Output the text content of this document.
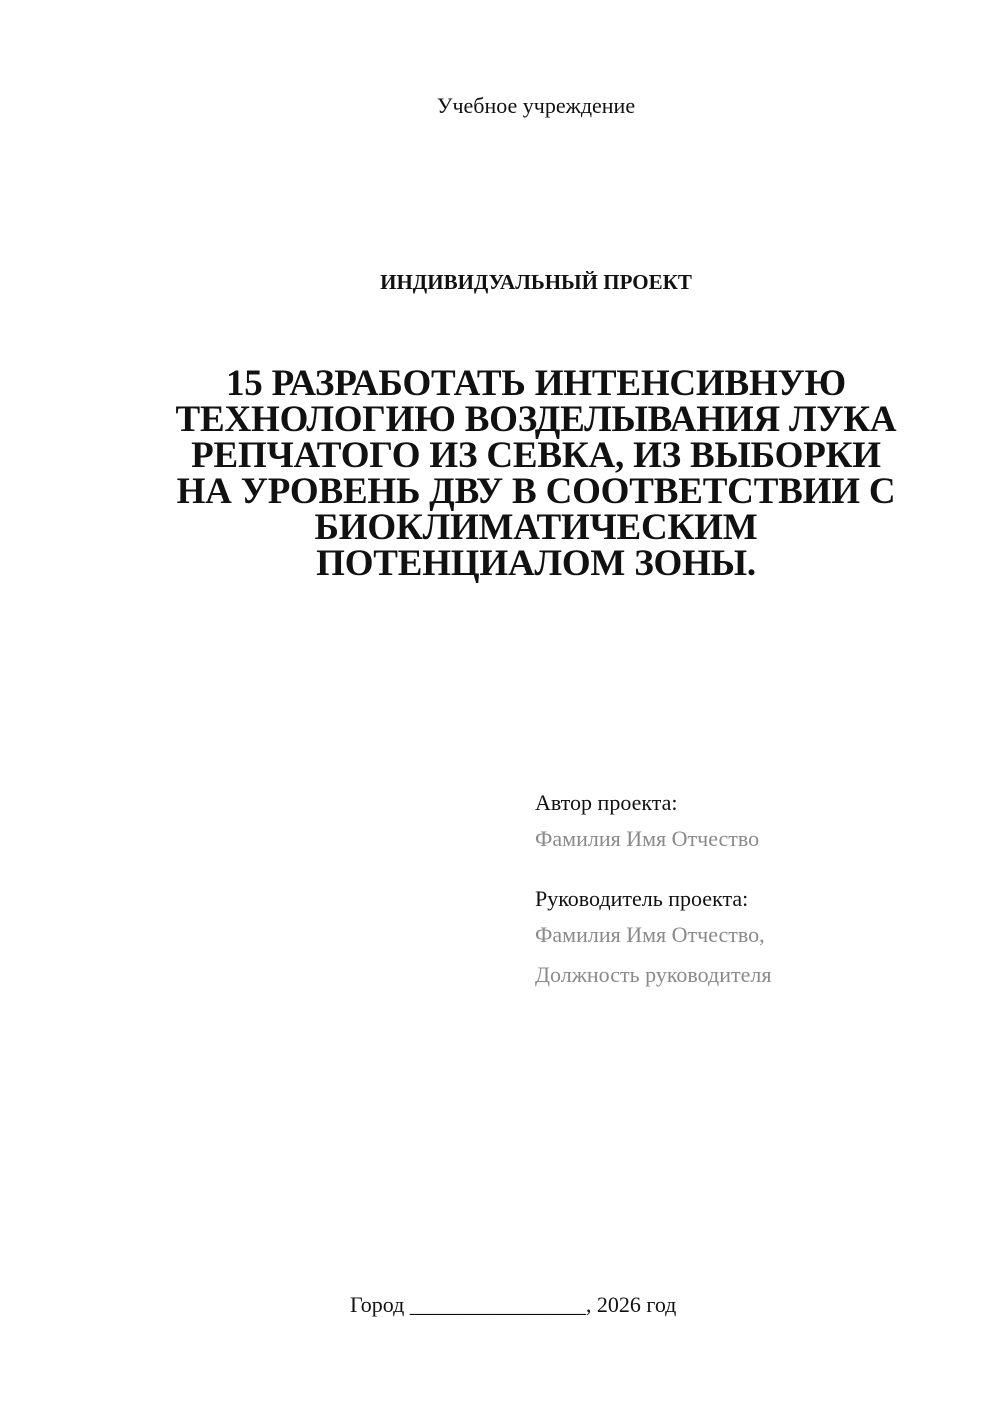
Учебное учреждение
ИНДИВИДУАЛЬНЫЙ ПРОЕКТ
15 РАЗРАБОТАТЬ ИНТЕНСИВНУЮ
ТЕХНОЛОГИЮ ВОЗДЕЛЫВАНИЯ ЛУКА
РЕПЧАТОГО ИЗ СЕВКА, ИЗ ВЫБОРКИ
НА УРОВЕНЬ ДВУ В СООТВЕТСТВИИ С
БИОКЛИМАТИЧЕСКИМ
ПОТЕНЦИАЛОМ ЗОНЫ.
Автор проекта:
Фамилия Имя Отчество
Руководитель проекта:
Фамилия Имя Отчество,
Должность руководителя
Город ________________, 2026 год
